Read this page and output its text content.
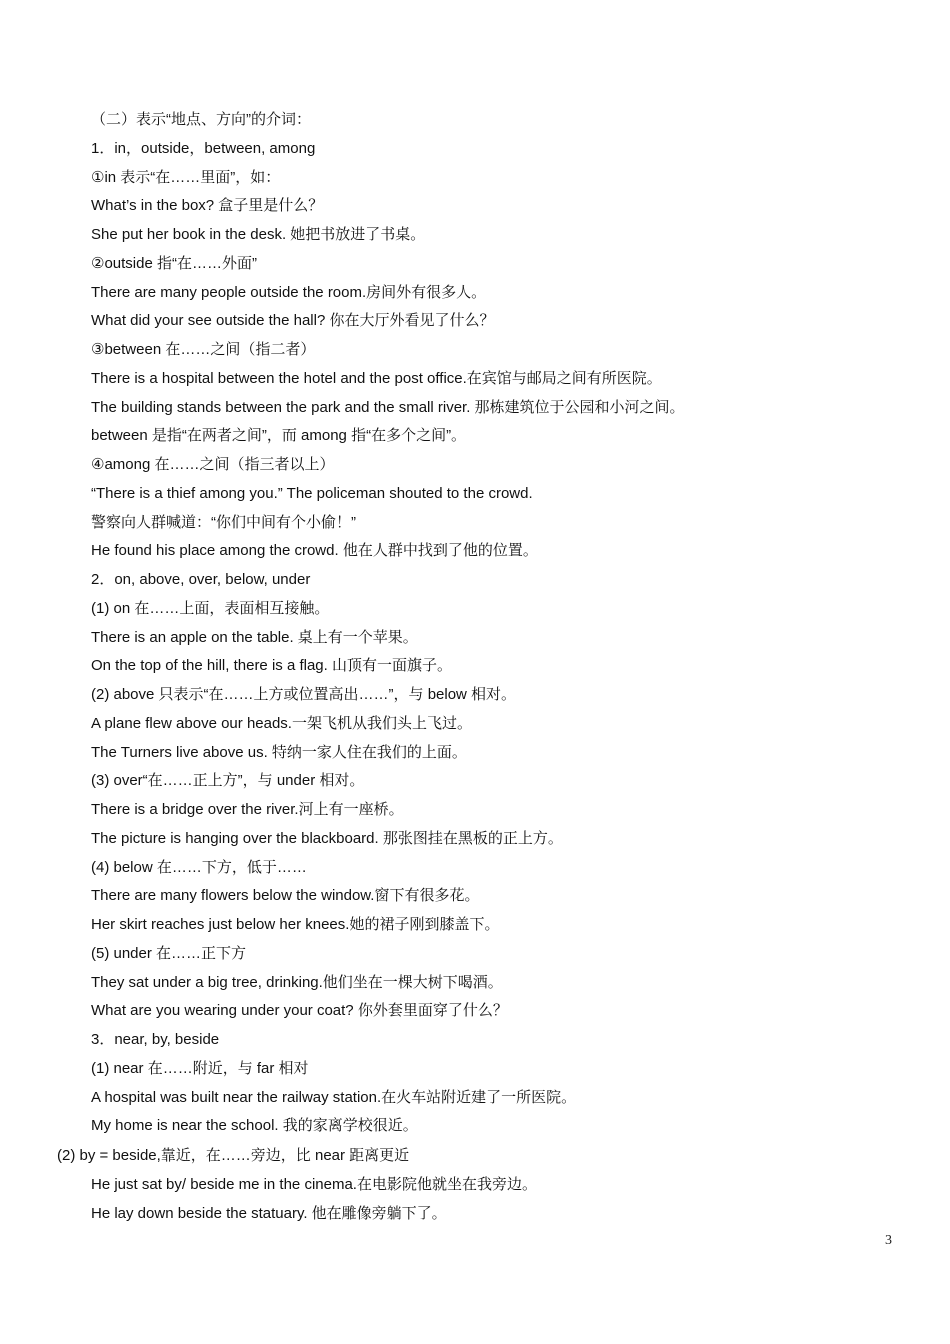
（二）表示“地点、方向”的介词：
1．in，outside，between, among
①in 表示“在……里面”，如：
What’s in the box? 盒子里是什么？
She put her book in the desk. 她把书放进了书桌。
②outside 指“在……外面”
There are many people outside the room.房间外有很多人。
What did your see outside the hall? 你在大厅外看见了什么？
③between 在……之间（指二者）
There is a hospital between the hotel and the post office.在宾馆与邮局之间有所医院。
The building stands between the park and the small river. 那栋建筑位于公园和小河之间。
between 是指“在两者之间”，而 among 指“在多个之间”。
④among 在……之间（指三者以上）
“There is a thief among you.” The policeman shouted to the crowd.
警察向人群喊道：“你们中间有个小偷！”
He found his place among the crowd. 他在人群中找到了他的位置。
2．on, above, over, below, under
(1) on 在……上面，表面相互接触。
There is an apple on the table. 桌上有一个苹果。
On the top of the hill, there is a flag. 山顶有一面旗子。
(2) above 只表示“在……上方或位置高出……”，与 below 相对。
A plane flew above our heads.一架飞机从我们头上飞过。
The Turners live above us. 特纳一家人住在我们的上面。
(3) over“在……正上方”，与 under 相对。
There is a bridge over the river.河上有一座桥。
The picture is hanging over the blackboard. 那张图挂在黑板的正上方。
(4) below 在……下方，低于……
There are many flowers below the window.窗下有很多花。
Her skirt reaches just below her knees.她的裙子刚到膝盖下。
(5) under 在……正下方
They sat under a big tree, drinking.他们坐在一棵大树下喝酒。
What are you wearing under your coat? 你外套里面穿了什么？
3．near, by, beside
(1) near 在……附近，与 far 相对
A hospital was built near the railway station.在火车站附近建了一所医院。
My home is near the school. 我的家离学校很近。
(2) by = beside,靠近，在……旁边，比 near 距离更近
He just sat by/ beside me in the cinema.在电影院他就坐在我旁边。
He lay down beside the statuary. 他在雕像旁躺下了。
3
